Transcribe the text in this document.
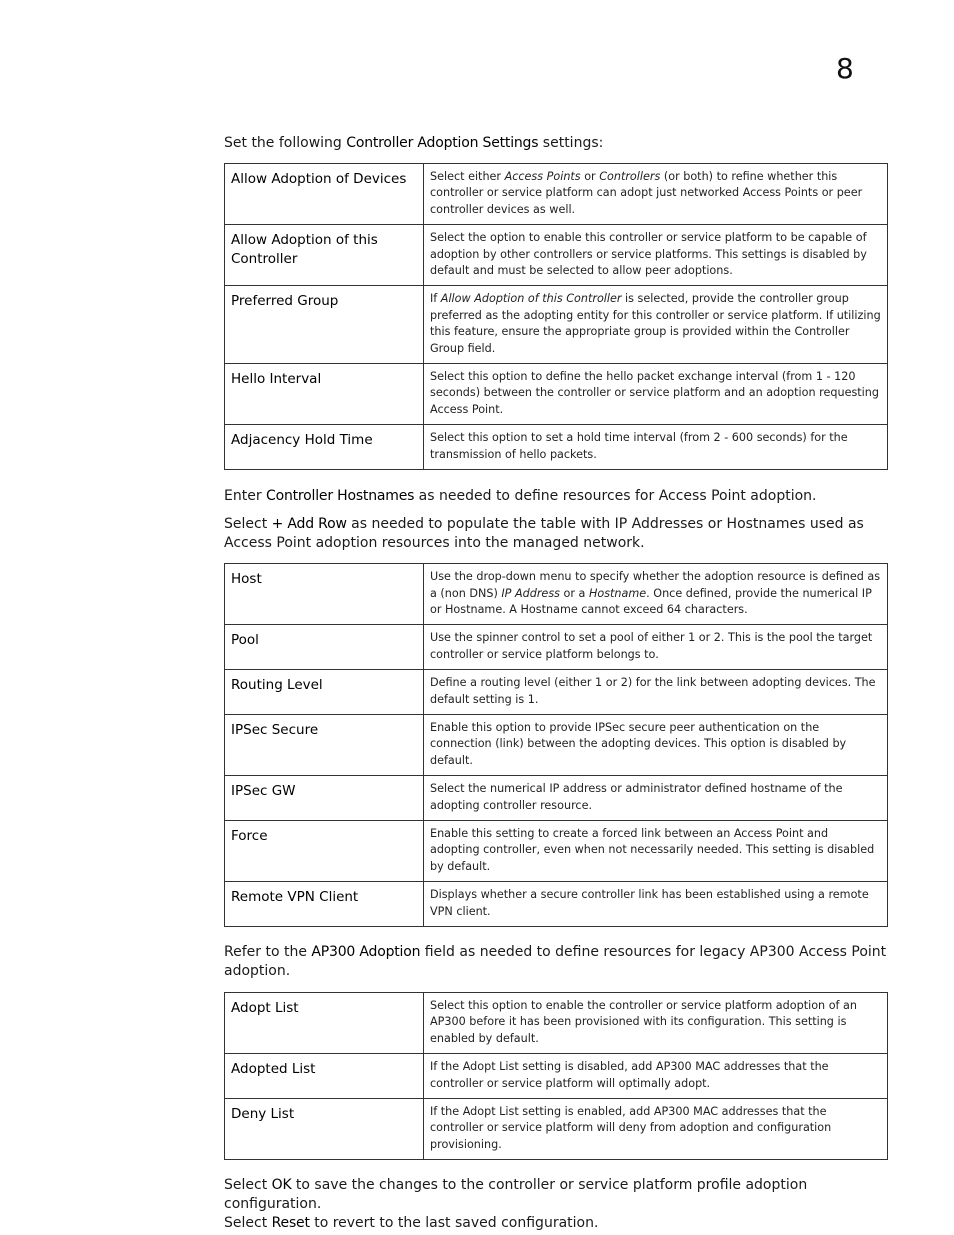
8

Set the following Controller Adoption Settings settings:

Allow Adoption of Devices	Select either Access Points or Controllers (or both) to refine whether this controller or service platform can adopt just networked Access Points or peer controller devices as well.
Allow Adoption of this Controller	Select the option to enable this controller or service platform to be capable of adoption by other controllers or service platforms. This settings is disabled by default and must be selected to allow peer adoptions.
Preferred Group	If Allow Adoption of this Controller is selected, provide the controller group preferred as the adopting entity for this controller or service platform. If utilizing this feature, ensure the appropriate group is provided within the Controller Group field.
Hello Interval	Select this option to define the hello packet exchange interval (from 1 - 120 seconds) between the controller or service platform and an adoption requesting Access Point.
Adjacency Hold Time	Select this option to set a hold time interval (from 2 - 600 seconds) for the transmission of hello packets.

Enter Controller Hostnames as needed to define resources for Access Point adoption.

Select + Add Row as needed to populate the table with IP Addresses or Hostnames used as Access Point adoption resources into the managed network.

Host	Use the drop-down menu to specify whether the adoption resource is defined as a (non DNS) IP Address or a Hostname. Once defined, provide the numerical IP or Hostname. A Hostname cannot exceed 64 characters.
Pool	Use the spinner control to set a pool of either 1 or 2. This is the pool the target controller or service platform belongs to.
Routing Level	Define a routing level (either 1 or 2) for the link between adopting devices. The default setting is 1.
IPSec Secure	Enable this option to provide IPSec secure peer authentication on the connection (link) between the adopting devices. This option is disabled by default.
IPSec GW	Select the numerical IP address or administrator defined hostname of the adopting controller resource.
Force	Enable this setting to create a forced link between an Access Point and adopting controller, even when not necessarily needed. This setting is disabled by default.
Remote VPN Client	Displays whether a secure controller link has been established using a remote VPN client.

Refer to the AP300 Adoption field as needed to define resources for legacy AP300 Access Point adoption.

Adopt List	Select this option to enable the controller or service platform adoption of an AP300 before it has been provisioned with its configuration. This setting is enabled by default.
Adopted List	If the Adopt List setting is disabled, add AP300 MAC addresses that the controller or service platform will optimally adopt.
Deny List	If the Adopt List setting is enabled, add AP300 MAC addresses that the controller or service platform will deny from adoption and configuration provisioning.

Select OK to save the changes to the controller or service platform profile adoption configuration.
Select Reset to revert to the last saved configuration.
